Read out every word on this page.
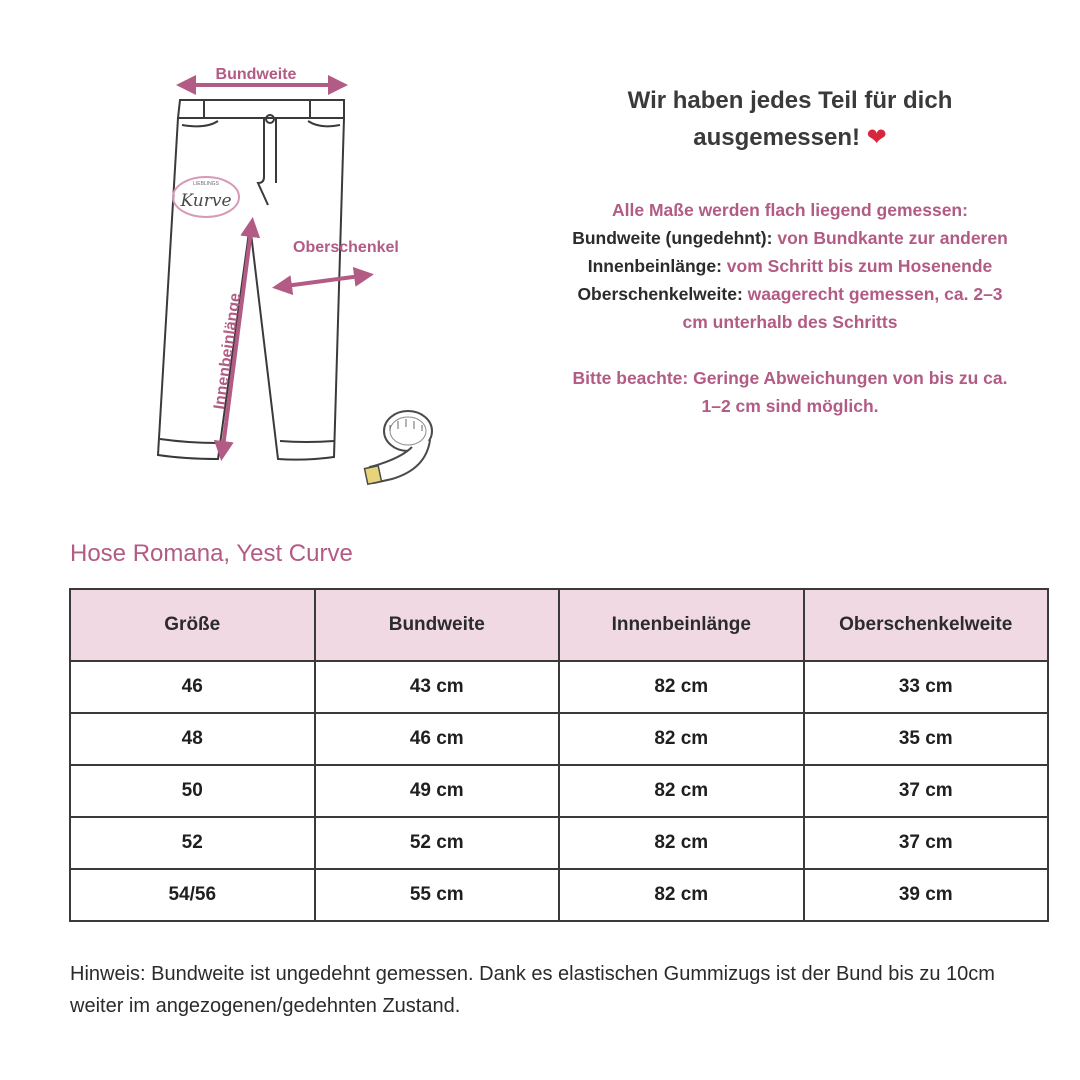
LIEBLINGS
Kurve
Bundweite
Oberschenkel
Innenbeinlänge
Wir haben jedes Teil für dich
ausgemessen! ❤

Alle Maße werden flach liegend gemessen:

Bundweite (ungedehnt): von Bundkante zur anderen

Innenbeinlänge: vom Schritt bis zum Hosenende

Oberschenkelweite: waagerecht gemessen, ca. 2–3 cm unterhalb des Schritts

Bitte beachte: Geringe Abweichungen von bis zu ca. 1–2 cm sind möglich.

Hose Romana, Yest Curve
Größe	Bundweite	Innenbeinlänge	Oberschenkelweite
46	43 cm	82 cm	33 cm
48	46 cm	82 cm	35 cm
50	49 cm	82 cm	37 cm
52	52 cm	82 cm	37 cm
54/56	55 cm	82 cm	39 cm
Hinweis: Bundweite ist ungedehnt gemessen. Dank es elastischen Gummizugs ist der Bund bis zu 10cm weiter im angezogenen/gedehnten Zustand.
